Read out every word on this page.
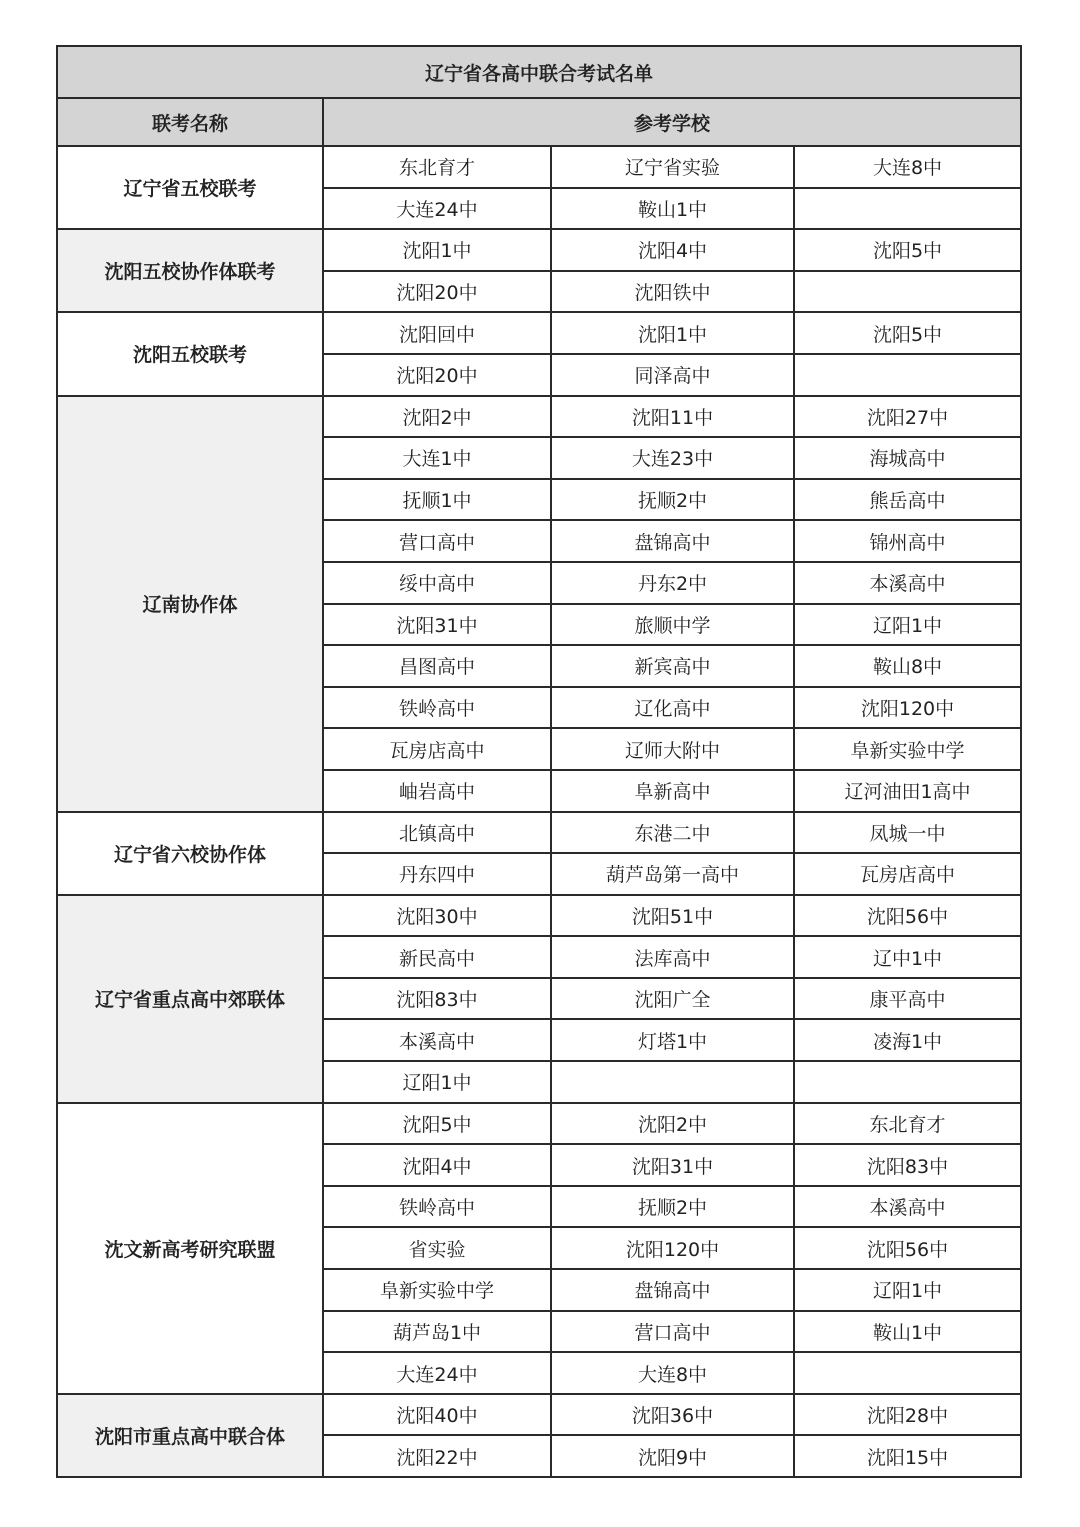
辽宁省各高中联合考试名单			
联考名称	参考学校		
辽宁省五校联考	东北育才	辽宁省实验	大连8中
	大连24中	鞍山1中	
沈阳五校协作体联考	沈阳1中	沈阳4中	沈阳5中
	沈阳20中	沈阳铁中	
沈阳五校联考	沈阳回中	沈阳1中	沈阳5中
	沈阳20中	同泽高中	
辽南协作体	沈阳2中	沈阳11中	沈阳27中
	大连1中	大连23中	海城高中
	抚顺1中	抚顺2中	熊岳高中
	营口高中	盘锦高中	锦州高中
	绥中高中	丹东2中	本溪高中
	沈阳31中	旅顺中学	辽阳1中
	昌图高中	新宾高中	鞍山8中
	铁岭高中	辽化高中	沈阳120中
	瓦房店高中	辽师大附中	阜新实验中学
	岫岩高中	阜新高中	辽河油田1高中
辽宁省六校协作体	北镇高中	东港二中	凤城一中
	丹东四中	葫芦岛第一高中	瓦房店高中
辽宁省重点高中郊联体	沈阳30中	沈阳51中	沈阳56中
	新民高中	法库高中	辽中1中
	沈阳83中	沈阳广全	康平高中
	本溪高中	灯塔1中	凌海1中
	辽阳1中		
沈文新高考研究联盟	沈阳5中	沈阳2中	东北育才
	沈阳4中	沈阳31中	沈阳83中
	铁岭高中	抚顺2中	本溪高中
	省实验	沈阳120中	沈阳56中
	阜新实验中学	盘锦高中	辽阳1中
	葫芦岛1中	营口高中	鞍山1中
	大连24中	大连8中	
沈阳市重点高中联合体	沈阳40中	沈阳36中	沈阳28中
	沈阳22中	沈阳9中	沈阳15中
